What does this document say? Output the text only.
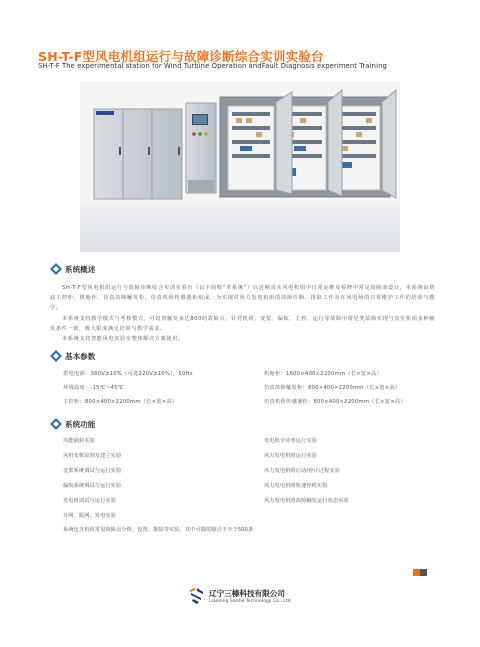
SH-T-F型风电机组运行与故障诊断综合实训实验台
SH-T-F The experimental station for Wind Turbine Operation andFault Diagnosis experiment Training
系统概述

SH-T-F型风电机组运行与故障诊断综合实训实验台（以下简称“本系统”）以近期真实风电机组中日常运维及检修中常见故障而设计，本系统由塔底主控柜、机舱柜、仿真故障触发柜、仿真机组传感器柜组成，为实现对风力发电机组的故障诊断、排除工作及在风电场的日常维护工作的培训与教学。

本系统支持教学模式与考核模式，可设置触发多达800的故障点，针对机组、变浆、偏航、主控、运行等故障中常见类故障实现与真实机组多种触发条件一致，极大限度满足培训与教学需求。

本系统支持智能风电实验室整体解决方案使用。

基本参数
供电电源：380V±10%（可选220V±10%），50Hz	机舱柜：1600×400×2200mm（长×宽×高）
环境温度：-15℃~45℃	仿真故障触发柜：800×400×2200mm（长×宽×高）
主控柜：800×400×2200mm（长×宽×高）	仿真机组传感器柜：800×400×2200mm（长×宽×高）
系统功能
风能捕获实验
风机变桨原理及建立实验
变桨系统调试与运行实验
偏航系统调试与运行实验
发电机调试与运行实验
并网、脱网、发电实验
发电机全功率运行实验
风力发电机组运行实验
风力发电机组启动/停止过程实验
风力发电机组快速停机实验
风力发电机组故障触发运行状态实验
系统包含机组常见故障点分析、设置、排除等实验，其中可做故障点不少于500条
辽宁三榛科技有限公司
Liaoning Sanhe Technology Co., Ltd
